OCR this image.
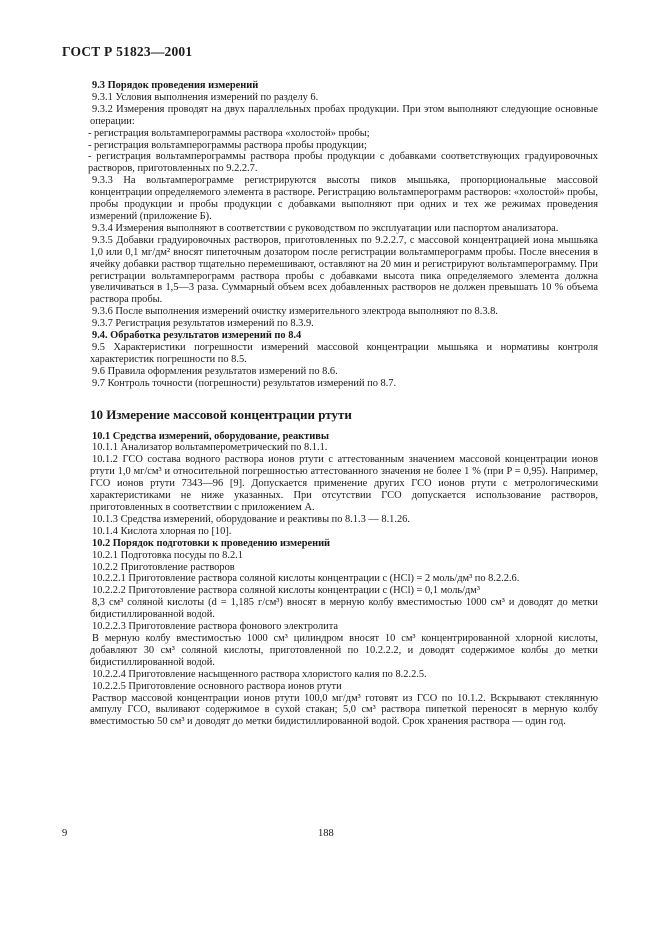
ГОСТ Р 51823—2001

9.3 Порядок проведения измерений

9.3.1 Условия выполнения измерений по разделу 6.

9.3.2 Измерения проводят на двух параллельных пробах продукции. При этом выполняют следующие основные операции:

- регистрация вольтамперограммы раствора «холостой» пробы;

- регистрация вольтамперограммы раствора пробы продукции;

- регистрация вольтамперограммы раствора пробы продукции с добавками соответствующих градуировочных растворов, приготовленных по 9.2.2.7.

9.3.3 На вольтамперограмме регистрируются высоты пиков мышьяка, пропорциональные массовой концентрации определяемого элемента в растворе. Регистрацию вольтамперограмм растворов: «холостой» пробы, пробы продукции и пробы продукции с добавками выполняют при одних и тех же режимах проведения измерений (приложение Б).

9.3.4 Измерения выполняют в соответствии с руководством по эксплуатации или паспортом анализатора.

9.3.5 Добавки градуировочных растворов, приготовленных по 9.2.2.7, с массовой концентрацией иона мышьяка 1,0 или 0,1 мг/дм² вносят пипеточным дозатором после регистрации вольтамперограмм пробы. После внесения в ячейку добавки раствор тщательно перемешивают, оставляют на 20 мин и регистрируют вольтамперограмму. При регистрации вольтамперограмм раствора пробы с добавками высота пика определяемого элемента должна увеличиваться в 1,5—3 раза. Суммарный объем всех добавленных растворов не должен превышать 10 % объема раствора пробы.

9.3.6 После выполнения измерений очистку измерительного электрода выполняют по 8.3.8.

9.3.7 Регистрация результатов измерений по 8.3.9.

9.4. Обработка результатов измерений по 8.4

9.5 Характеристики погрешности измерений массовой концентрации мышьяка и нормативы контроля характеристик погрешности по 8.5.

9.6 Правила оформления результатов измерений по 8.6.

9.7 Контроль точности (погрешности) результатов измерений по 8.7.

10 Измерение массовой концентрации ртути

10.1 Средства измерений, оборудование, реактивы

10.1.1 Анализатор вольтамперометрический по 8.1.1.

10.1.2 ГСО состава водного раствора ионов ртути с аттестованным значением массовой концентрации ионов ртути 1,0 мг/см³ и относительной погрешностью аттестованного значения не более 1 % (при P = 0,95). Например, ГСО ионов ртути 7343—96 [9]. Допускается применение других ГСО ионов ртути с метрологическими характеристиками не ниже указанных. При отсутствии ГСО допускается использование растворов, приготовленных в соответствии с приложением А.

10.1.3 Средства измерений, оборудование и реактивы по 8.1.3 — 8.1.26.

10.1.4 Кислота хлорная по [10].

10.2 Порядок подготовки к проведению измерений

10.2.1 Подготовка посуды по 8.2.1

10.2.2 Приготовление растворов

10.2.2.1 Приготовление раствора соляной кислоты концентрации c (HCl) = 2 моль/дм³ по 8.2.2.6.

10.2.2.2 Приготовление раствора соляной кислоты концентрации c (HCl) = 0,1 моль/дм³

8,3 см³ соляной кислоты (d = 1,185 г/см³) вносят в мерную колбу вместимостью 1000 см³ и доводят до метки бидистиллированной водой.

10.2.2.3 Приготовление раствора фонового электролита

В мерную колбу вместимостью 1000 см³ цилиндром вносят 10 см³ концентрированной хлорной кислоты, добавляют 30 см³ соляной кислоты, приготовленной по 10.2.2.2, и доводят содержимое колбы до метки бидистиллированной водой.

10.2.2.4 Приготовление насыщенного раствора хлористого калия по 8.2.2.5.

10.2.2.5 Приготовление основного раствора ионов ртути

Раствор массовой концентрации ионов ртути 100,0 мг/дм³ готовят из ГСО по 10.1.2. Вскрывают стеклянную ампулу ГСО, выливают содержимое в сухой стакан; 5,0 см³ раствора пипеткой переносят в мерную колбу вместимостью 50 см³ и доводят до метки бидистиллированной водой. Срок хранения раствора — один год.

9	188
